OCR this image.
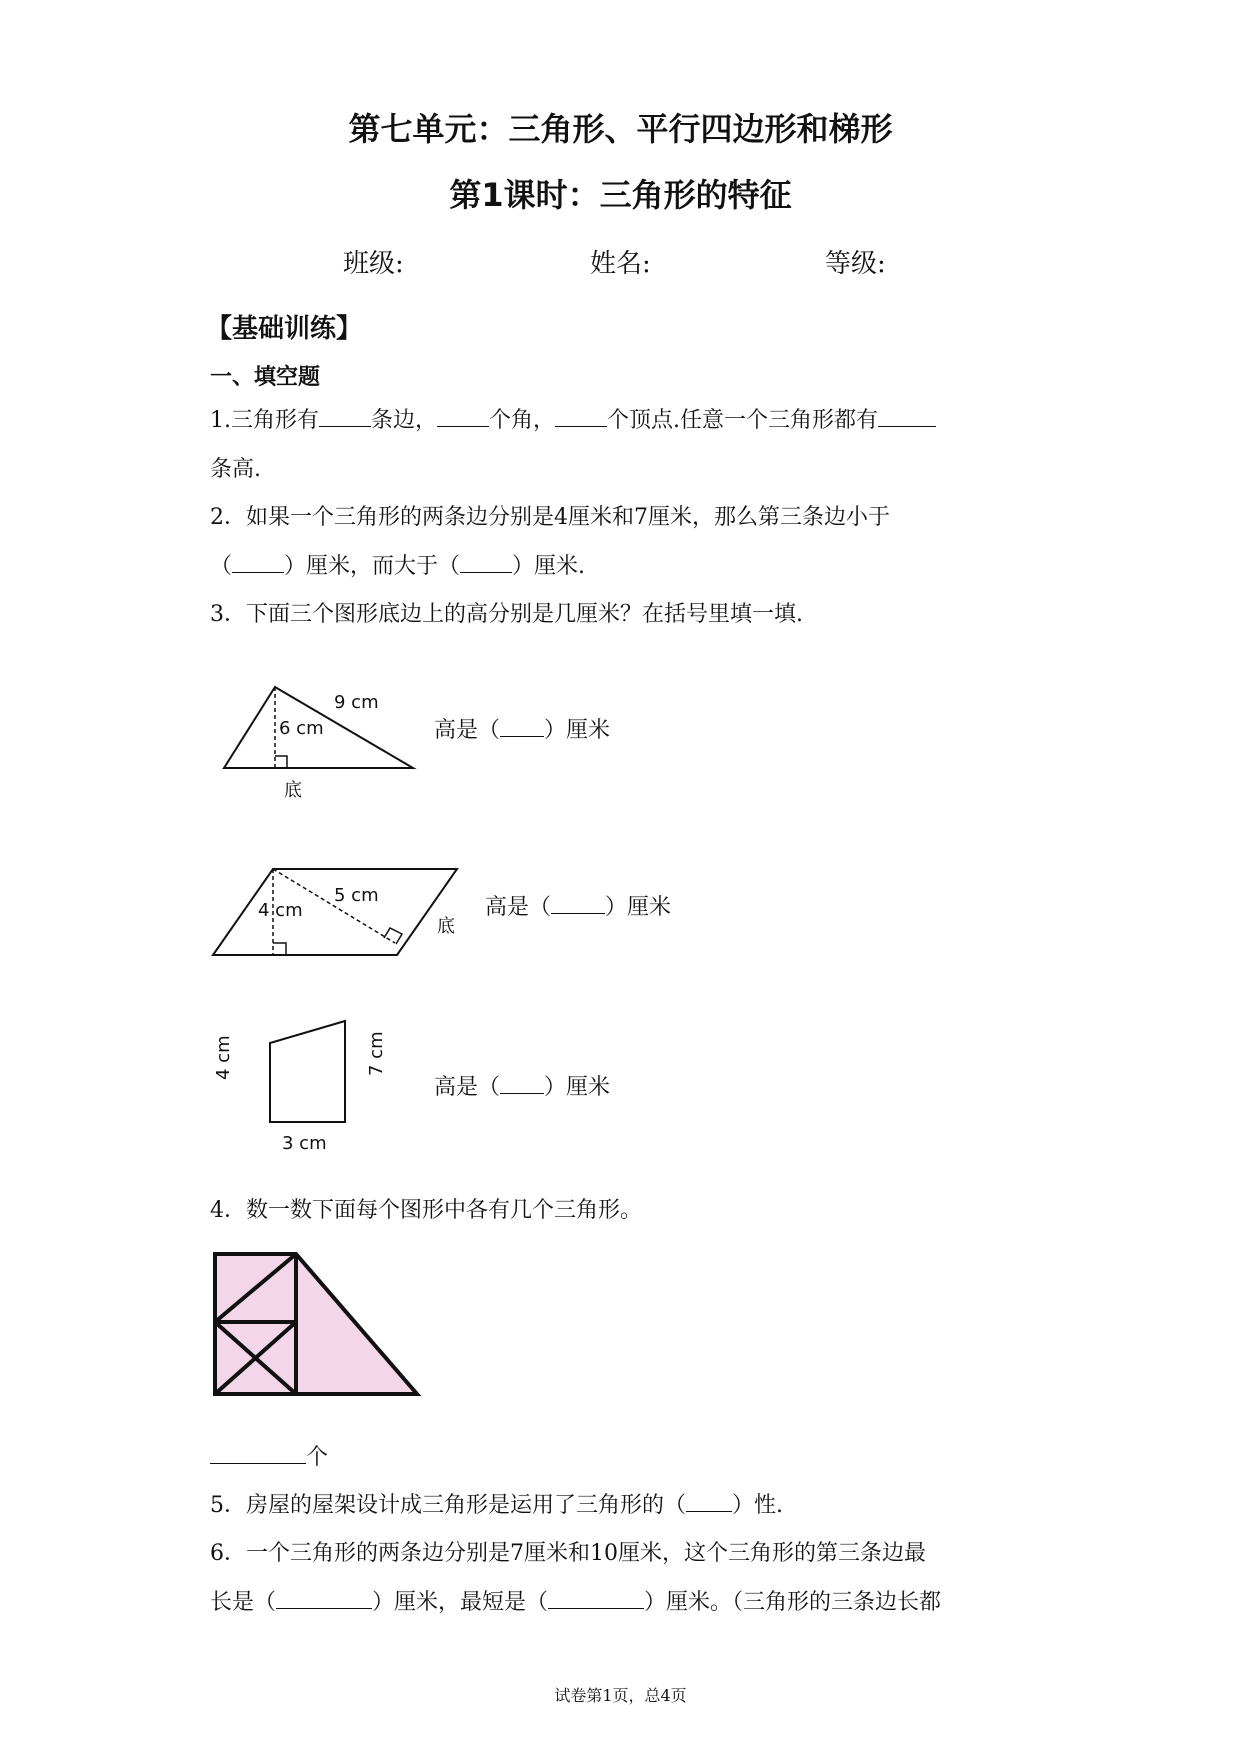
第七单元：三角形、平行四边形和梯形
第1课时：三角形的特征
班级:	姓名:	等级:
【基础训练】
一、填空题
1.三角形有 条边， 个角， 个顶点.任意一个三角形都有
条高.
2．如果一个三角形的两条边分别是4厘米和7厘米，那么第三条边小于
（ ）厘米，而大于（ ）厘米.
3．下面三个图形底边上的高分别是几厘米？在括号里填一填.
9 cm
6 cm
底
高是（ ）厘米
5 cm
4 cm
底
高是（ ）厘米
4 cm	7 cm
3 cm
高是（ ）厘米
4．数一数下面每个图形中各有几个三角形。
个
5．房屋的屋架设计成三角形是运用了三角形的（ ）性.
6．一个三角形的两条边分别是7厘米和10厘米，这个三角形的第三条边最
长是（	）厘米，最短是（	）厘米。（三角形的三条边长都
试卷第1页，总4页
